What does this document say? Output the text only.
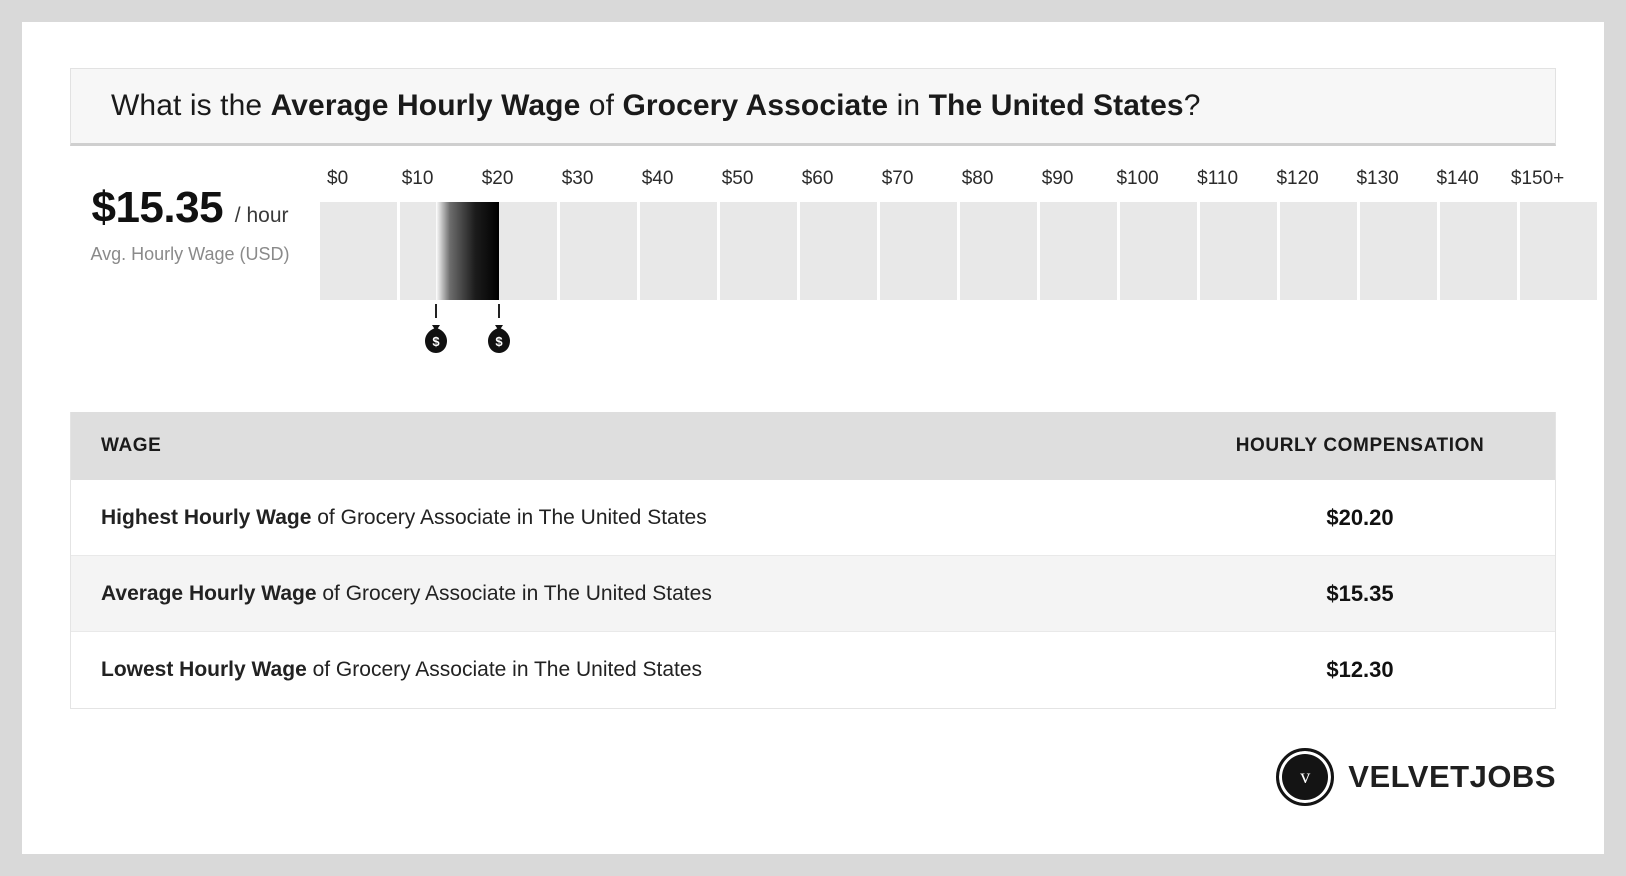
What is the Average Hourly Wage of Grocery Associate in The United States?
$15.35 / hour
Avg. Hourly Wage (USD)
$0	$10	$20	$30	$40	$50	$60	$70	$80	$90 $100 $110 $120 $130 $140 $150+
$	$
WAGE	HOURLY COMPENSATION
Highest Hourly Wage of Grocery Associate in The United States	$20.20
Average Hourly Wage of Grocery Associate in The United States	$15.35
Lowest Hourly Wage of Grocery Associate in The United States	$12.30
v VELVETJOBS
